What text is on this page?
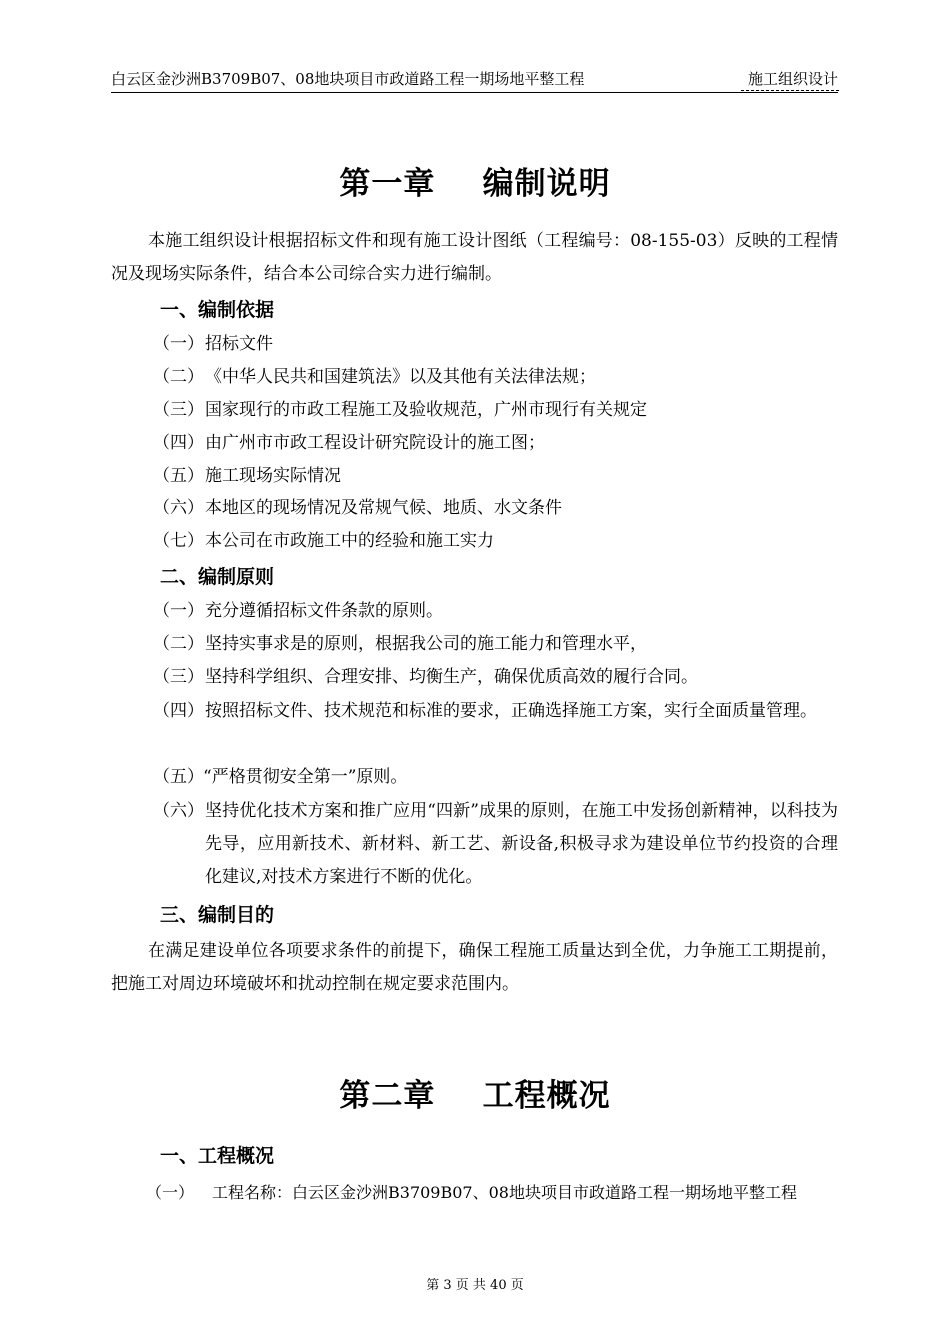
白云区金沙洲B3709B07、08地块项目市政道路工程一期场地平整工程	施工组织设计
第一章    编制说明
本施工组织设计根据招标文件和现有施工设计图纸（工程编号：08-155-03）反映的工程情况及现场实际条件，结合本公司综合实力进行编制。
一、编制依据
（一） 招标文件
（二） 《中华人民共和国建筑法》以及其他有关法律法规；
（三） 国家现行的市政工程施工及验收规范，广州市现行有关规定
（四） 由广州市市政工程设计研究院设计的施工图；
（五） 施工现场实际情况
（六） 本地区的现场情况及常规气候、地质、水文条件
（七） 本公司在市政施工中的经验和施工实力
二、编制原则
（一） 充分遵循招标文件条款的原则。
（二） 坚持实事求是的原则，根据我公司的施工能力和管理水平，
（三） 坚持科学组织、合理安排、均衡生产，确保优质高效的履行合同。
（四） 按照招标文件、技术规范和标准的要求，正确选择施工方案，实行全面质量管理。
（五） “严格贯彻安全第一”原则。
（六） 坚持优化技术方案和推广应用“四新”成果的原则，在施工中发扬创新精神，以科技为先导，应用新技术、新材料、新工艺、新设备,积极寻求为建设单位节约投资的合理化建议,对技术方案进行不断的优化。
三、编制目的
在满足建设单位各项要求条件的前提下，确保工程施工质量达到全优，力争施工工期提前，把施工对周边环境破坏和扰动控制在规定要求范围内。
第二章    工程概况
一、工程概况
（一） 工程名称：白云区金沙洲B3709B07、08地块项目市政道路工程一期场地平整工程
第 3 页 共 40 页
